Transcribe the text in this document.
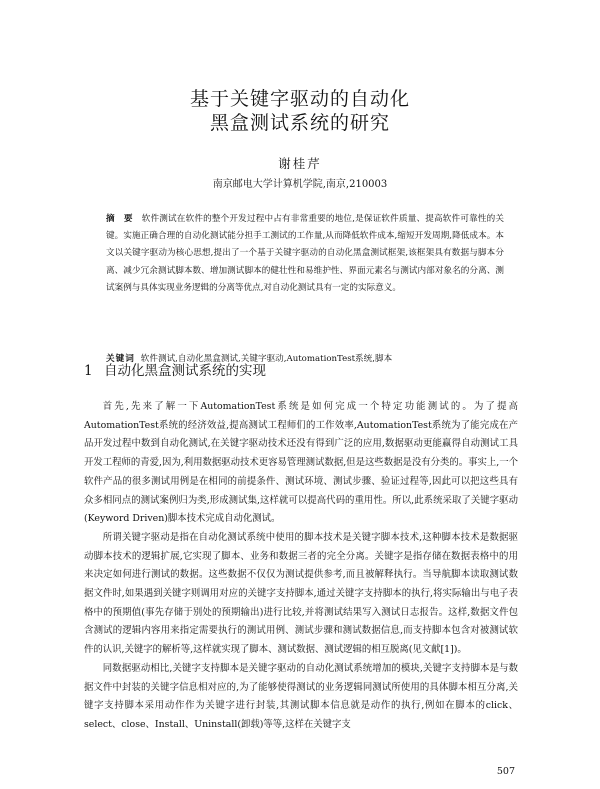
基于关键字驱动的自动化
黑盒测试系统的研究
谢桂芹
南京邮电大学计算机学院,南京,210003
摘 要 软件测试在软件的整个开发过程中占有非常重要的地位,是保证软件质量、提高软件可靠性的关键。实施正确合理的自动化测试能分担手工测试的工作量,从而降低软件成本,缩短开发周期,降低成本。本文以关键字驱动为核心思想,提出了一个基于关键字驱动的自动化黑盒测试框架,该框架具有数据与脚本分离、减少冗余测试脚本数、增加测试脚本的健壮性和易维护性、界面元素名与测试内部对象名的分离、测试案例与具体实现业务逻辑的分离等优点,对自动化测试具有一定的实际意义。
关键词 软件测试,自动化黑盒测试,关键字驱动,AutomationTest系统,脚本
1 自动化黑盒测试系统的实现

首先,先来了解一下AutomationTest系统是如何完成一个特定功能测试的。为了提高AutomationTest系统的经济效益,提高测试工程师们的工作效率,AutomationTest系统为了能完成在产品开发过程中数到自动化测试,在关键字驱动技术还没有得到广泛的应用,数据驱动更能赢得自动测试工具开发工程师的青爱,因为,利用数据驱动技术更容易管理测试数据,但是这些数据是没有分类的。事实上,一个软件产品的很多测试用例是在相同的前提条件、测试环境、测试步骤、验证过程等,因此可以把这些具有众多相同点的测试案例归为类,形成测试集,这样就可以提高代码的重用性。所以,此系统采取了关键字驱动(Keyword Driven)脚本技术完成自动化测试。

所谓关键字驱动是指在自动化测试系统中使用的脚本技术是关键字脚本技术,这种脚本技术是数据驱动脚本技术的逻辑扩展,它实现了脚本、业务和数据三者的完全分离。关键字是指存储在数据表格中的用来决定如何进行测试的数据。这些数据不仅仅为测试提供参考,而且被解释执行。当导航脚本读取测试数据文件时,如果遇到关键字则调用对应的关键字支持脚本,通过关键字支持脚本的执行,将实际输出与电子表格中的预期值(事先存储于别处的预期输出)进行比较,并将测试结果写入测试日志报告。这样,数据文件包含测试的逻辑内容用来指定需要执行的测试用例、测试步骤和测试数据信息,而支持脚本包含对被测试软件的认识,关键字的解析等,这样就实现了脚本、测试数据、测试逻辑的相互脱离(见文献[1])。

同数据驱动相比,关键字支持脚本是关键字驱动的自动化测试系统增加的模块,关键字支持脚本是与数据文件中封装的关键字信息相对应的,为了能够使得测试的业务逻辑同测试所使用的具体脚本相互分离,关键字支持脚本采用动作作为关键字进行封装,其测试脚本信息就是动作的执行,例如在脚本的click、select、close、Install、Uninstall(卸载)等等,这样在关键字支

507
